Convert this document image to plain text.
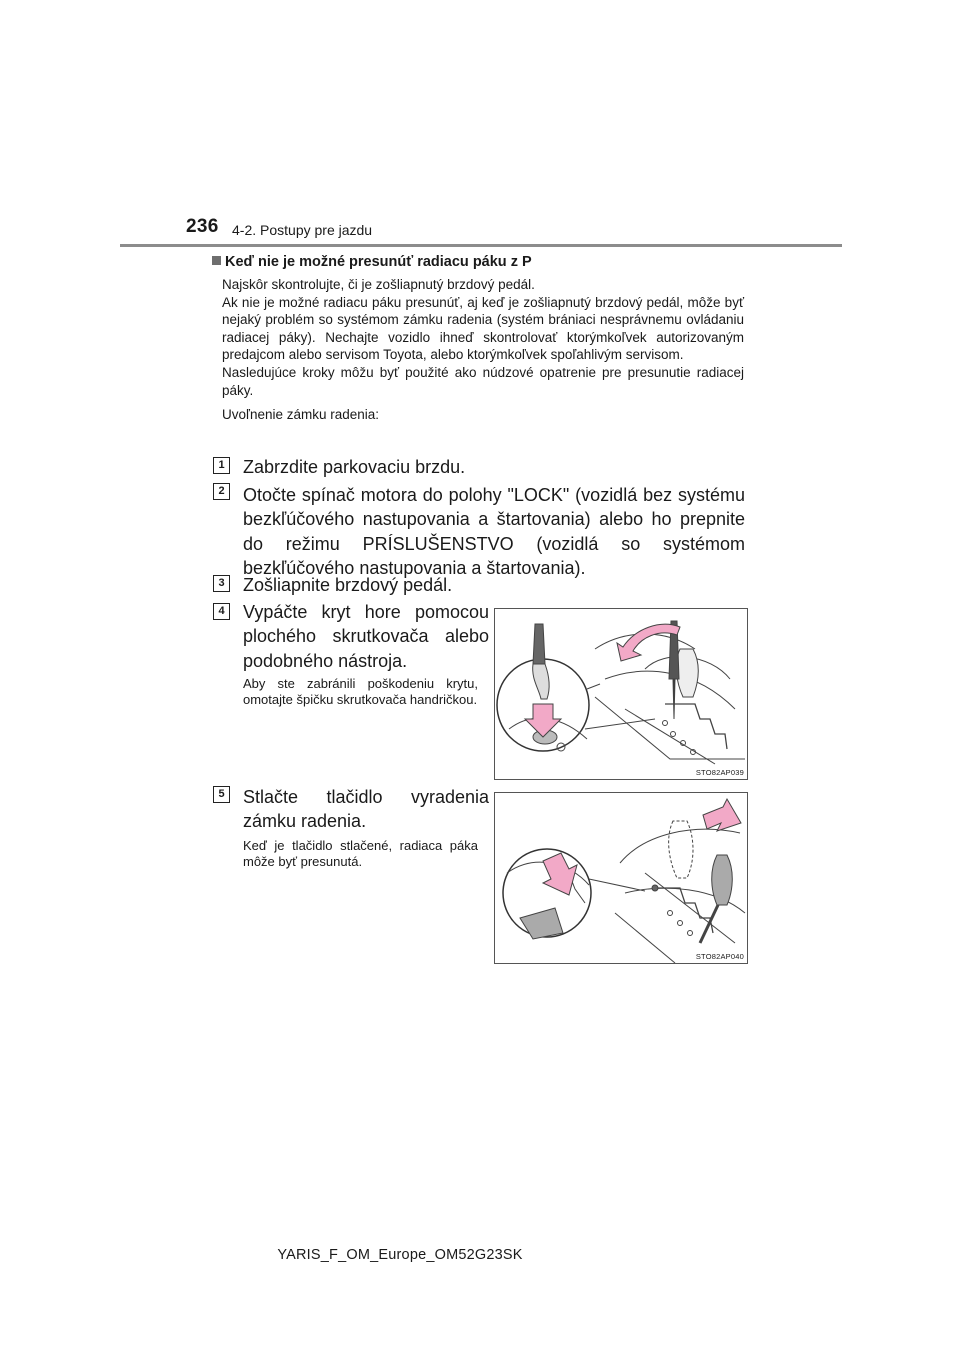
236 4-2. Postupy pre jazdu
Keď nie je možné presunúť radiacu páku z P

Najskôr skontrolujte, či je zošliapnutý brzdový pedál.

Ak nie je možné radiacu páku presunúť, aj keď je zošliapnutý brzdový pedál, môže byť nejaký problém so systémom zámku radenia (systém brániaci nesprávnemu ovládaniu radiacej páky). Nechajte vozidlo ihneď skontrolovať ktorýmkoľvek autorizovaným predajcom alebo servisom Toyota, alebo ktorýmkoľvek spoľahlivým servisom.

Nasledujúce kroky môžu byť použité ako núdzové opatrenie pre presunutie radiacej páky.

Uvoľnenie zámku radenia:

1	Zabrzdite parkovaciu brzdu.
2	Otočte spínač motora do polohy "LOCK" (vozidlá bez systému bezkľúčového nastupovania a štartovania) alebo ho prepnite do režimu PRÍSLUŠENSTVO (vozidlá so systémom bezkľúčového nastupovania a štartovania).
3	Zošliapnite brzdový pedál.
4	Vypáčte kryt hore pomocou plochého skrutkovača alebo podobného nástroja.
Aby ste zabránili poškodeniu krytu, omotajte špičku skrutkovača handričkou.
STO82AP039
5	Stlačte tlačidlo vyradenia zámku radenia.
Keď je tlačidlo stlačené, radiaca páka môže byť presunutá.
STO82AP040
YARIS_F_OM_Europe_OM52G23SK
